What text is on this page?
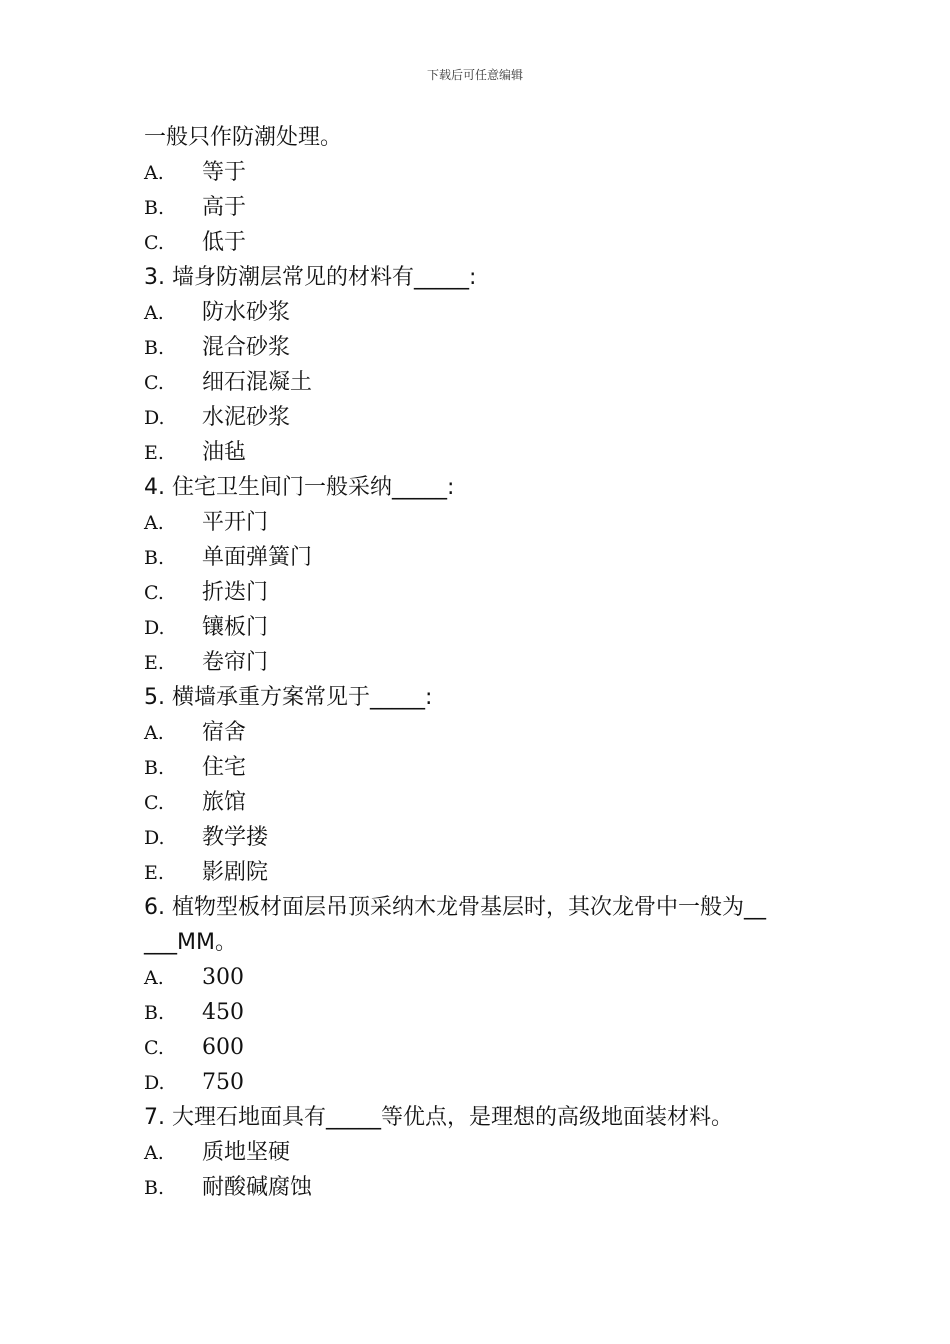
下载后可任意编辑
一般只作防潮处理。
A. 等于
B. 高于
C. 低于
3. 墙身防潮层常见的材料有_____:
A. 防水砂浆
B. 混合砂浆
C. 细石混凝土
D. 水泥砂浆
E. 油毡
4. 住宅卫生间门一般采纳_____:
A. 平开门
B. 单面弹簧门
C. 折迭门
D. 镶板门
E. 卷帘门
5. 横墙承重方案常见于_____:
A. 宿舍
B. 住宅
C. 旅馆
D. 教学搂
E. 影剧院
6. 植物型板材面层吊顶采纳木龙骨基层时，其次龙骨中一般为__
___MM。
A. 300
B. 450
C. 600
D. 750
7. 大理石地面具有_____等优点，是理想的高级地面装材料。
A. 质地坚硬
B. 耐酸碱腐蚀
